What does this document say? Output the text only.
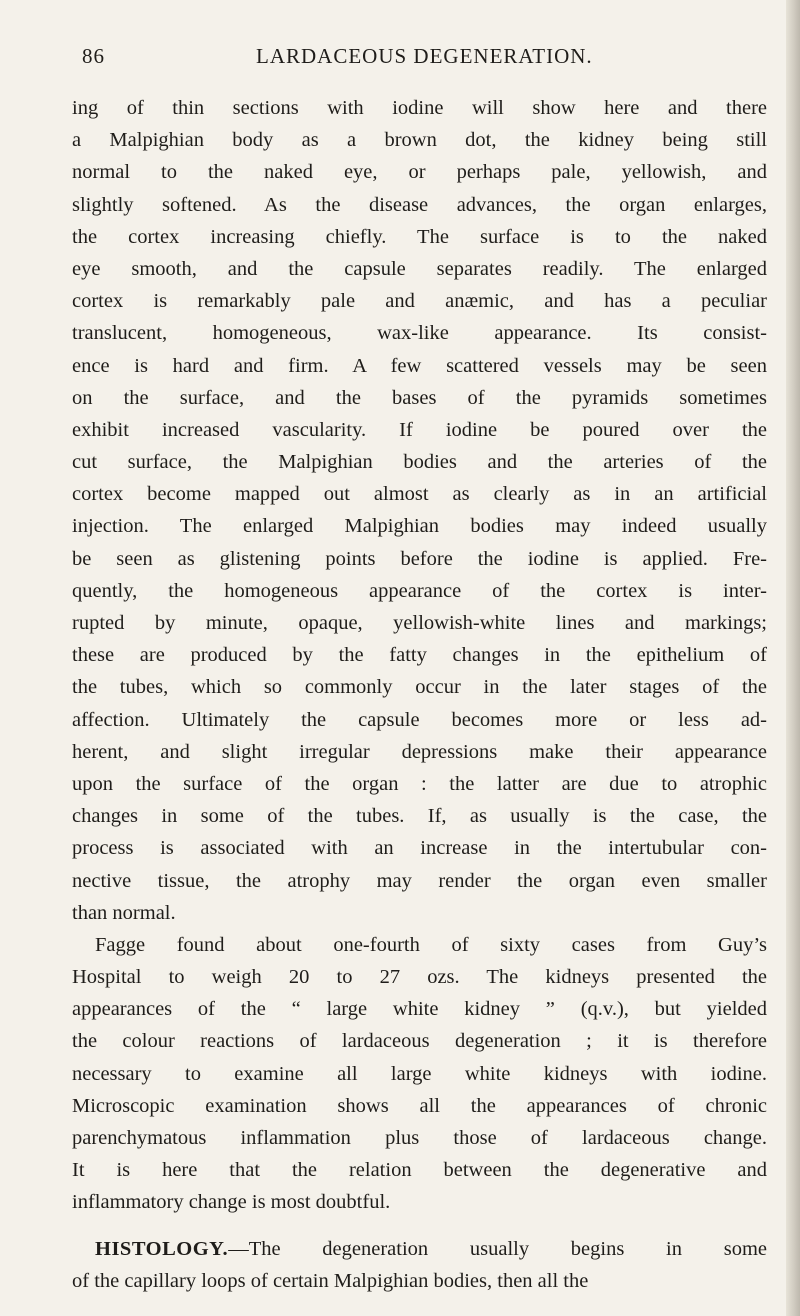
86	LARDACEOUS DEGENERATION.
ing of thin sections with iodine will show here and there
a Malpighian body as a brown dot, the kidney being still
normal to the naked eye, or perhaps pale, yellowish, and
slightly softened. As the disease advances, the organ enlarges,
the cortex increasing chiefly. The surface is to the naked
eye smooth, and the capsule separates readily. The enlarged
cortex is remarkably pale and anæmic, and has a peculiar
translucent, homogeneous, wax-like appearance. Its consist-
ence is hard and firm. A few scattered vessels may be seen
on the surface, and the bases of the pyramids sometimes
exhibit increased vascularity. If iodine be poured over the
cut surface, the Malpighian bodies and the arteries of the
cortex become mapped out almost as clearly as in an artificial
injection. The enlarged Malpighian bodies may indeed usually
be seen as glistening points before the iodine is applied. Fre-
quently, the homogeneous appearance of the cortex is inter-
rupted by minute, opaque, yellowish-white lines and markings;
these are produced by the fatty changes in the epithelium of
the tubes, which so commonly occur in the later stages of the
affection. Ultimately the capsule becomes more or less ad-
herent, and slight irregular depressions make their appearance
upon the surface of the organ : the latter are due to atrophic
changes in some of the tubes. If, as usually is the case, the
process is associated with an increase in the intertubular con-
nective tissue, the atrophy may render the organ even smaller
than normal.
Fagge found about one-fourth of sixty cases from Guy’s
Hospital to weigh 20 to 27 ozs. The kidneys presented the
appearances of the “ large white kidney ” (q.v.), but yielded
the colour reactions of lardaceous degeneration ; it is therefore
necessary to examine all large white kidneys with iodine.
Microscopic examination shows all the appearances of chronic
parenchymatous inflammation plus those of lardaceous change.
It is here that the relation between the degenerative and
inflammatory change is most doubtful.
HISTOLOGY.—The degeneration usually begins in some
of the capillary loops of certain Malpighian bodies, then all the
